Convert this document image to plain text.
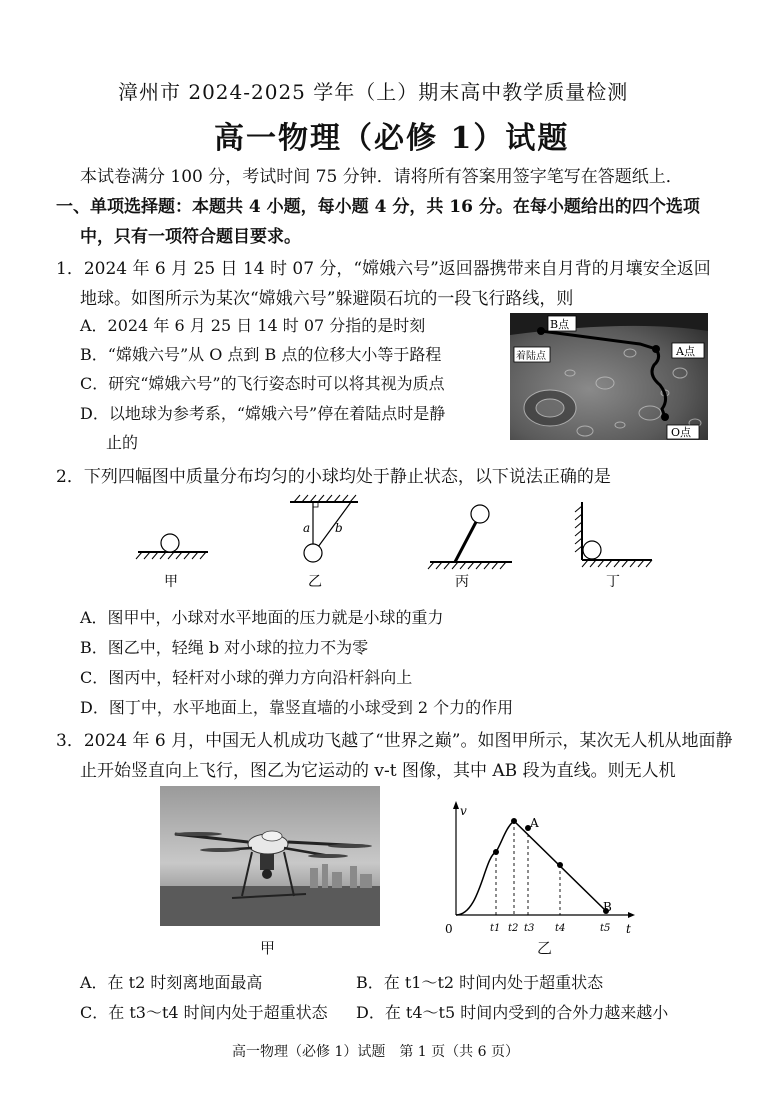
漳州市 2024-2025 学年（上）期末高中教学质量检测
高一物理（必修 1）试题
本试卷满分 100 分，考试时间 75 分钟．请将所有答案用签字笔写在答题纸上．
一、单项选择题：本题共 4 小题，每小题 4 分，共 16 分。在每小题给出的四个选项
中，只有一项符合题目要求。
1．2024 年 6 月 25 日 14 时 07 分，“嫦娥六号”返回器携带来自月背的月壤安全返回
地球。如图所示为某次“嫦娥六号”躲避陨石坑的一段飞行路线，则
A．2024 年 6 月 25 日 14 时 07 分指的是时刻
B．“嫦娥六号”从 O 点到 B 点的位移大小等于路程
C．研究“嫦娥六号”的飞行姿态时可以将其视为质点
D．以地球为参考系，“嫦娥六号”停在着陆点时是静
止的
B点
着陆点	A点
O点
2．下列四幅图中质量分布均匀的小球均处于静止状态，以下说法正确的是
a b
甲	乙	丙	丁
A．图甲中，小球对水平地面的压力就是小球的重力
B．图乙中，轻绳 b 对小球的拉力不为零
C．图丙中，轻杆对小球的弹力方向沿杆斜向上
D．图丁中，水平地面上，靠竖直墙的小球受到 2 个力的作用
3．2024 年 6 月，中国无人机成功飞越了“世界之巅”。如图甲所示，某次无人机从地面静
止开始竖直向上飞行，图乙为它运动的 v-t 图像，其中 AB 段为直线。则无人机
甲
v
t
0
A
B
t1 t2 t3 t4	t5
乙
A．在 t2 时刻离地面最高	B．在 t1～t2 时间内处于超重状态
C．在 t3～t4 时间内处于超重状态 D．在 t4～t5 时间内受到的合外力越来越小
高一物理（必修 1）试题　第 1 页（共 6 页）
